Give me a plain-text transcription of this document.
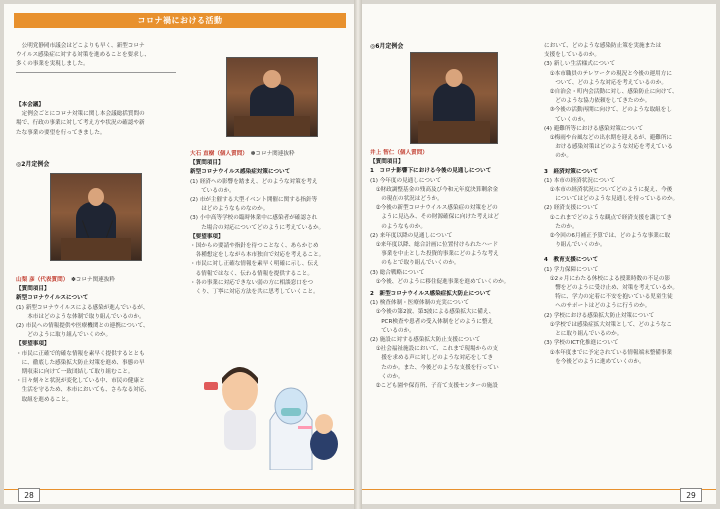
コロナ禍における活動
　公明党静岡市議会はどこよりも早く、新型コロナ
ウイルス感染症に対する対策を進めることを要求し、
多くの事業を実現しました。
【本会議】
　定例会ごとにコロナ対策に関し本会議総括質問の
場で、行政の事業に対して考え方や状況の確認や新
たな事業の要望を行ってきました。
◎2月定例会
山梨 彦（代表質問）　 ✽コロナ関連抜粋
【質問項目】
新型コロナウイルスについて
(1) 新型コロナウイルスによる感染が進んでいるが、
　　本市はどのような体制で取り組んでいるのか。
(2) 市民への情報提供や医療機関との連携について、
　　どのように取り組んでいくのか。
【要望事項】
・市民に正確で的確な情報を素早く提供するととも
　に、徹底した感染拡大防止対策を進め、事態の早
　期収束に向けて一致団結して取り組むこと。
・日々刻々と状況が変化している中、市民の健康と
　生活を守るため、本市においても、さらなる対応、
　取組を進めること。
大石 直樹（個人質問）　 ✽コロナ関連抜粋
【質問項目】
新型コロナウイルス感染症対策について
(1) 経済への影響を踏まえ、どのような対策を考え
　　ているのか。
(2) 市が主催する大型イベント開催に関する指針等
　　はどのようなものなのか。
(3) 小中高等学校の臨時休業中に感染者が確認され
　　た場合の対応についてどのように考えているか。
【要望事項】
・国からの要請や指針を待つことなく、あらかじめ
　各種想定をしながら本市独自で対応を考えること。
・市民に対し正確な情報を素早く明確に示し、伝え
　る情報ではなく、伝わる情報を提供すること。
・各の事業に対応できない弱の方に相談窓口をつ
　くり、丁寧に対応方法を共に思考していくこと。
28
◎6月定例会
井上 智仁（個人質問）
【質問項目】
1　コロナ影響下における今後の見通しについて
(1) 今年度の見通しについて
　①財政調整基金の残高及び今和元年度決算剰余金
　　の現在の状況はどうか。
　②今後の新型コロナウイルス感染症の対策をどの
　　ように見込み、その財源確保に向けた考えはど
　　のようなものか。
(2) 来年度以降の見通しについて
　①来年度以降、総合計画に位置付けられたハード
　　事業を中止とした投資的事業にどのような考え
　　のもとで取り組んでいくのか。
(3) 総合戦略について
　①今後、どのように移住促進事業を進めていくのか。
2　新型コロナウイルス感染症拡大防止について
(1) 検査体制・医療体制の充実について
　①今後の第2波、第3波による感染拡大に備え、
　　PCR検査や患者の受入体制をどのように整え
　　ているのか。
(2) 施設に対する感染拡大防止支援について
　①社会福祉施設において、これまで現場からの支
　　援を求める声に対しどのような対応をしてき
　　たのか。また、今後どのような支援を行ってい
　　くのか。
　②こども園や保育所、子育て支援センターの施設
において、どのような感染防止策を実施または
支援をしているのか。
(3) 新しい生活様式について
　①本市職員のテレワークの現況と今後の運用方に
　　ついて、どのような対応を考えているのか。
　②自治会・町内会活動に対し、感染防止に向けて、
　　どのような協力依頼をしてきたのか。
　③今後の活動再開に向けて、どのような取組をし
　　ていくのか。
(4) 避難所等における感染対策について
　①梅雨や台風などの出水期を迎えるが、避難所に
　　おける感染対策はどのような対応を考えている
　　のか。
3　経済対策について
(1) 本市の経済状況について
　①本市の経済状況についてどのように捉え、今後
　　についてはどのような見通しを持っているのか。
(2) 経済支援について
　①これまでどのような観点で経済支援を講じてき
　　たのか。
　②今回の6月補正予算では、どのような事業に取
　　り組んでいくのか。
4　教育支援について
(1) 学力保障について
　①2ヵ月にわたる休校による授業時数の不足の影
　　響をどのように受け止め、対策を考えているか。
　　特に、学力の定着に不安を抱いている児童生徒
　　へのサポートはどのように行うのか。
(2) 学校における感染拡大防止対策について
　①学校では感染症拡大対策として、どのようなこ
　　とに取り組んでいるのか。
(3) 学校のICT化推進について
　①本年度までに予定されている情報端末整備事業
　　を今後どのように進めていくのか。
29
